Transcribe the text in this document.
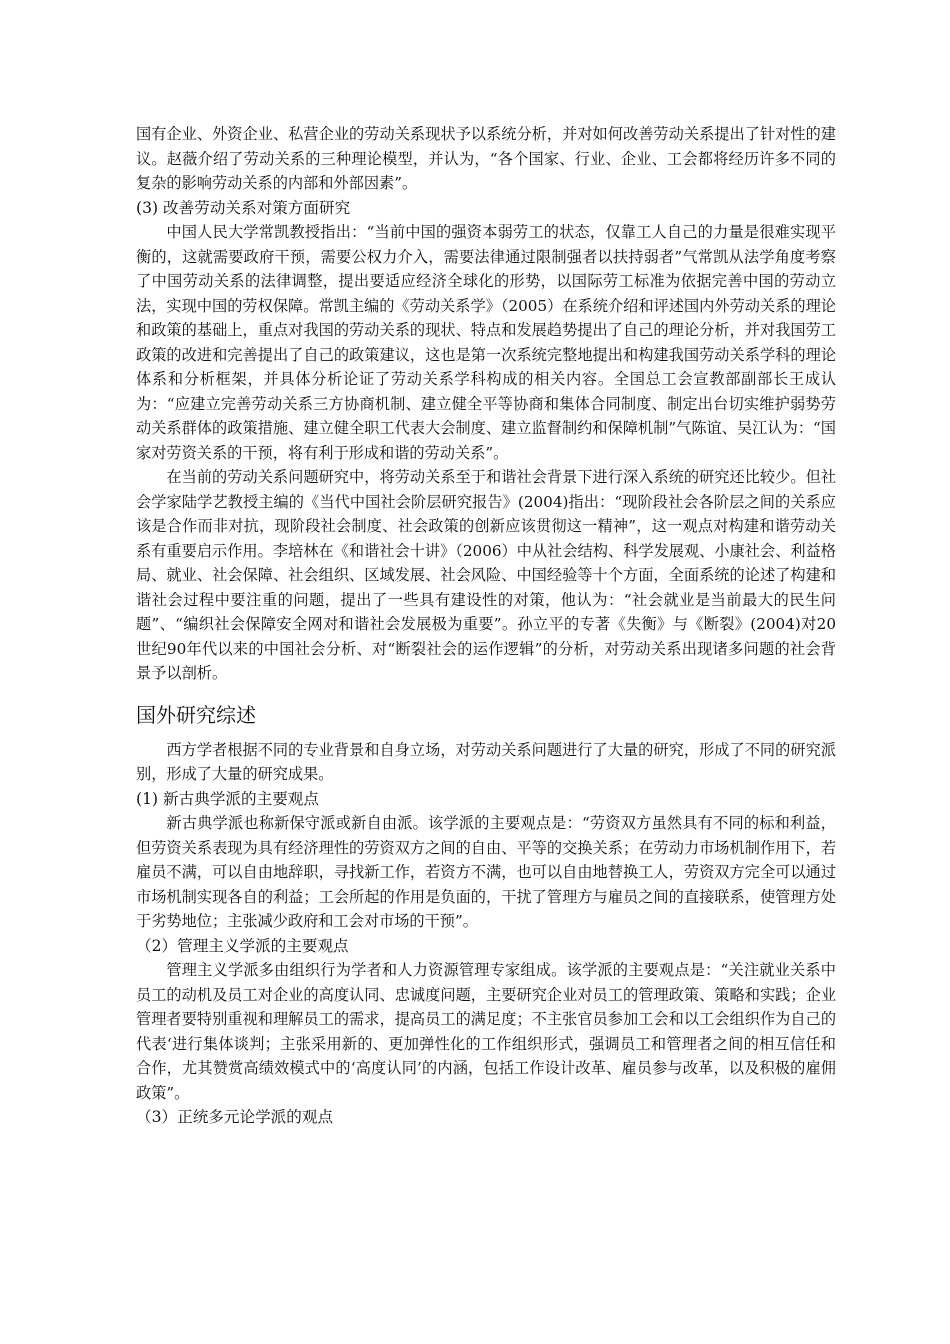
国有企业、外资企业、私营企业的劳动关系现状予以系统分析，并对如何改善劳动关系提出了针对性的建议。赵薇介绍了劳动关系的三种理论模型，并认为，“各个国家、行业、企业、工会都将经历许多不同的复杂的影响劳动关系的内部和外部因素”。

(3) 改善劳动关系对策方面研究

中国人民大学常凯教授指出：“当前中国的强资本弱劳工的状态，仅靠工人自己的力量是很难实现平衡的，这就需要政府干预，需要公权力介入，需要法律通过限制强者以扶持弱者”气常凯从法学角度考察了中国劳动关系的法律调整，提出要适应经济全球化的形势，以国际劳工标准为依据完善中国的劳动立法，实现中国的劳权保障。常凯主编的《劳动关系学》（2005）在系统介绍和评述国内外劳动关系的理论和政策的基础上，重点对我国的劳动关系的现状、特点和发展趋势提出了自己的理论分析，并对我国劳工政策的改进和完善提出了自己的政策建议，这也是第一次系统完整地提出和构建我国劳动关系学科的理论体系和分析框架，并具体分析论证了劳动关系学科构成的相关内容。全国总工会宣教部副部长王成认为：“应建立完善劳动关系三方协商机制、建立健全平等协商和集体合同制度、制定出台切实维护弱势劳动关系群体的政策措施、建立健全职工代表大会制度、建立监督制约和保障机制”气陈谊、吴江认为：“国家对劳资关系的干预，将有利于形成和谐的劳动关系”。

在当前的劳动关系问题研究中，将劳动关系至于和谐社会背景下进行深入系统的研究还比较少。但社会学家陆学艺教授主编的《当代中国社会阶层研究报告》(2004)指出：“现阶段社会各阶层之间的关系应该是合作而非对抗，现阶段社会制度、社会政策的创新应该贯彻这一精神”，这一观点对构建和谐劳动关系有重要启示作用。李培林在《和谐社会十讲》（2006）中从社会结构、科学发展观、小康社会、利益格局、就业、社会保障、社会组织、区域发展、社会风险、中国经验等十个方面，全面系统的论述了构建和谐社会过程中要注重的问题，提出了一些具有建设性的对策，他认为：“社会就业是当前最大的民生问题”、“编织社会保障安全网对和谐社会发展极为重要”。孙立平的专著《失衡》与《断裂》(2004)对20世纪90年代以来的中国社会分析、对“断裂社会的运作逻辑”的分析，对劳动关系出现诸多问题的社会背景予以剖析。

国外研究综述

西方学者根据不同的专业背景和自身立场，对劳动关系问题进行了大量的研究，形成了不同的研究派别，形成了大量的研究成果。

(1) 新古典学派的主要观点

新古典学派也称新保守派或新自由派。该学派的主要观点是：“劳资双方虽然具有不同的标和利益，但劳资关系表现为具有经济理性的劳资双方之间的自由、平等的交换关系；在劳动力市场机制作用下，若雇员不满，可以自由地辞职，寻找新工作，若资方不满，也可以自由地替换工人，劳资双方完全可以通过市场机制实现各自的利益；工会所起的作用是负面的，干扰了管理方与雇员之间的直接联系，使管理方处于劣势地位；主张减少政府和工会对市场的干预”。

（2）管理主义学派的主要观点

管理主义学派多由组织行为学者和人力资源管理专家组成。该学派的主要观点是：“关注就业关系中员工的动机及员工对企业的高度认同、忠诚度问题，主要研究企业对员工的管理政策、策略和实践；企业管理者要特别重视和理解员工的需求，提高员工的满足度；不主张官员参加工会和以工会组织作为自己的代表‘进行集体谈判；主张采用新的、更加弹性化的工作组织形式，强调员工和管理者之间的相互信任和合作，尤其赞赏高绩效模式中的‘高度认同’的内涵，包括工作设计改革、雇员参与改革，以及积极的雇佣政策”。

（3）正统多元论学派的观点
